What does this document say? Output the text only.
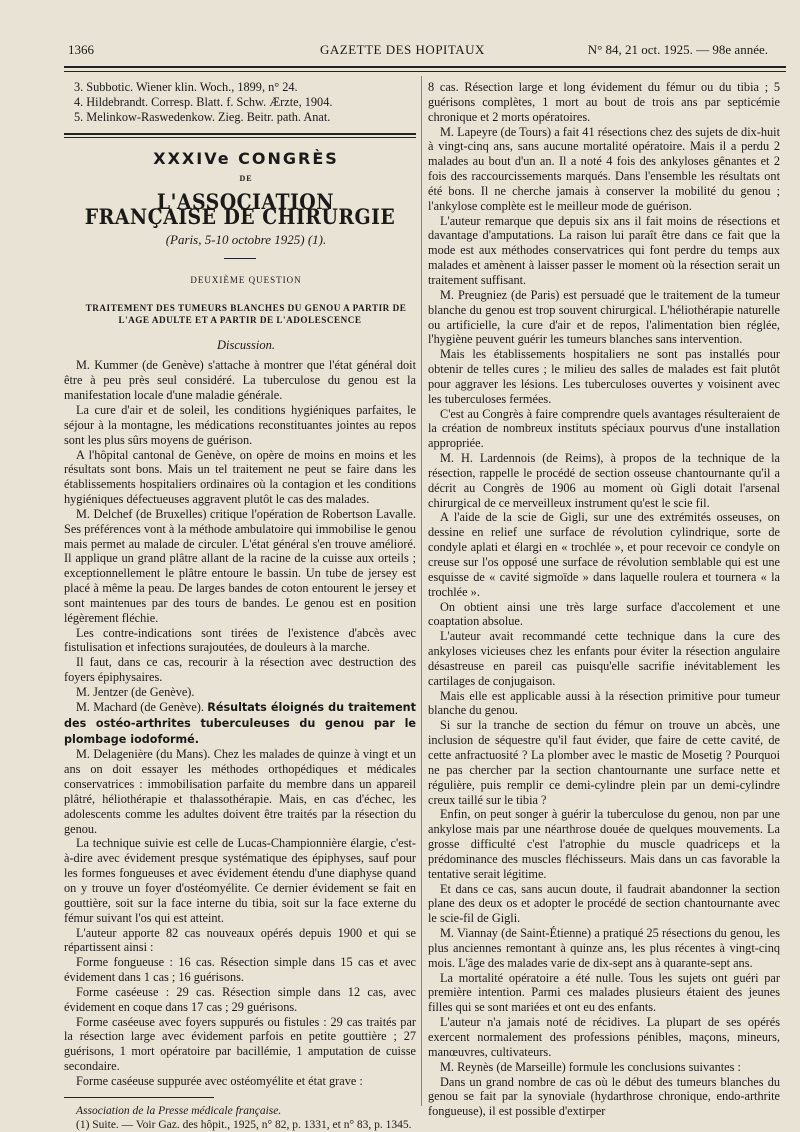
1366	GAZETTE DES HOPITAUX	N° 84, 21 oct. 1925. — 98e année.

3. Subbotic. Wiener klin. Woch., 1899, n° 24.

4. Hildebrandt. Corresp. Blatt. f. Schw. Ærzte, 1904.

5. Melinkow-Raswedenkow. Zieg. Beitr. path. Anat.

XXXIVe CONGRÈS

DE

L'ASSOCIATION FRANÇAISE DE CHIRURGIE

(Paris, 5-10 octobre 1925) (1).

DEUXIÈME QUESTION

TRAITEMENT DES TUMEURS BLANCHES DU GENOU A PARTIR DE L'AGE ADULTE ET A PARTIR DE L'ADOLESCENCE

Discussion.

M. Kummer (de Genève) s'attache à montrer que l'état général doit être à peu près seul considéré. La tuberculose du genou est la manifestation locale d'une maladie générale.

La cure d'air et de soleil, les conditions hygiéniques parfaites, le séjour à la montagne, les médications reconstituantes jointes au repos sont les plus sûrs moyens de guérison.

A l'hôpital cantonal de Genève, on opère de moins en moins et les résultats sont bons. Mais un tel traitement ne peut se faire dans les établissements hospitaliers ordinaires où la contagion et les conditions hygiéniques défectueuses aggravent plutôt le cas des malades.

M. Delchef (de Bruxelles) critique l'opération de Robertson Lavalle. Ses préférences vont à la méthode ambulatoire qui immobilise le genou mais permet au malade de circuler. L'état général s'en trouve amélioré. Il applique un grand plâtre allant de la racine de la cuisse aux orteils ; exceptionnellement le plâtre entoure le bassin. Un tube de jersey est placé à même la peau. De larges bandes de coton entourent le jersey et sont maintenues par des tours de bandes. Le genou est en position légèrement fléchie.

Les contre-indications sont tirées de l'existence d'abcès avec fistulisation et infections surajoutées, de douleurs à la marche.

Il faut, dans ce cas, recourir à la résection avec destruction des foyers épiphysaires.

M. Jentzer (de Genève).

M. Machard (de Genève). Résultats éloignés du traitement des ostéo-arthrites tuberculeuses du genou par le plombage iodoformé.

M. Delagenière (du Mans). Chez les malades de quinze à vingt et un ans on doit essayer les méthodes orthopédiques et médicales conservatrices : immobilisation parfaite du membre dans un appareil plâtré, héliothérapie et thalassothérapie. Mais, en cas d'échec, les adolescents comme les adultes doivent être traités par la résection du genou.

La technique suivie est celle de Lucas-Championnière élargie, c'est-à-dire avec évidement presque systématique des épiphyses, sauf pour les formes fongueuses et avec évidement étendu d'une diaphyse quand on y trouve un foyer d'ostéomyélite. Ce dernier évidement se fait en gouttière, soit sur la face interne du tibia, soit sur la face externe du fémur suivant l'os qui est atteint.

L'auteur apporte 82 cas nouveaux opérés depuis 1900 et qui se répartissent ainsi :

Forme fongueuse : 16 cas. Résection simple dans 15 cas et avec évidement dans 1 cas ; 16 guérisons.

Forme caséeuse : 29 cas. Résection simple dans 12 cas, avec évidement en coque dans 17 cas ; 29 guérisons.

Forme caséeuse avec foyers suppurés ou fistules : 29 cas traités par la résection large avec évidement parfois en petite gouttière ; 27 guérisons, 1 mort opératoire par bacillémie, 1 amputation de cuisse secondaire.

Forme caséeuse suppurée avec ostéomyélite et état grave :

Association de la Presse médicale française.

(1) Suite. — Voir Gaz. des hôpit., 1925, n° 82, p. 1331, et n° 83, p. 1345.

8 cas. Résection large et long évidement du fémur ou du tibia ; 5 guérisons complètes, 1 mort au bout de trois ans par septicémie chronique et 2 morts opératoires.

M. Lapeyre (de Tours) a fait 41 résections chez des sujets de dix-huit à vingt-cinq ans, sans aucune mortalité opératoire. Mais il a perdu 2 malades au bout d'un an. Il a noté 4 fois des ankyloses gênantes et 2 fois des raccourcissements marqués. Dans l'ensemble les résultats ont été bons. Il ne cherche jamais à conserver la mobilité du genou ; l'ankylose complète est le meilleur mode de guérison.

L'auteur remarque que depuis six ans il fait moins de résections et davantage d'amputations. La raison lui paraît être dans ce fait que la mode est aux méthodes conservatrices qui font perdre du temps aux malades et amènent à laisser passer le moment où la résection serait un traitement suffisant.

M. Preugniez (de Paris) est persuadé que le traitement de la tumeur blanche du genou est trop souvent chirurgical. L'héliothérapie naturelle ou artificielle, la cure d'air et de repos, l'alimentation bien réglée, l'hygiène peuvent guérir les tumeurs blanches sans intervention.

Mais les établissements hospitaliers ne sont pas installés pour obtenir de telles cures ; le milieu des salles de malades est fait plutôt pour aggraver les lésions. Les tuberculoses ouvertes y voisinent avec les tuberculoses fermées.

C'est au Congrès à faire comprendre quels avantages résulteraient de la création de nombreux instituts spéciaux pourvus d'une installation appropriée.

M. H. Lardennois (de Reims), à propos de la technique de la résection, rappelle le procédé de section osseuse chantournante qu'il a décrit au Congrès de 1906 au moment où Gigli dotait l'arsenal chirurgical de ce merveilleux instrument qu'est le scie fil.

A l'aide de la scie de Gigli, sur une des extrémités osseuses, on dessine en relief une surface de révolution cylindrique, sorte de condyle aplati et élargi en « trochlée », et pour recevoir ce condyle on creuse sur l'os opposé une surface de révolution semblable qui est une esquisse de « cavité sigmoïde » dans laquelle roulera et tournera « la trochlée ».

On obtient ainsi une très large surface d'accolement et une coaptation absolue.

L'auteur avait recommandé cette technique dans la cure des ankyloses vicieuses chez les enfants pour éviter la résection angulaire désastreuse en pareil cas puisqu'elle sacrifie inévitablement les cartilages de conjugaison.

Mais elle est applicable aussi à la résection primitive pour tumeur blanche du genou.

Si sur la tranche de section du fémur on trouve un abcès, une inclusion de séquestre qu'il faut évider, que faire de cette cavité, de cette anfractuosité ? La plomber avec le mastic de Mosetig ? Pourquoi ne pas chercher par la section chantournante une surface nette et régulière, puis remplir ce demi-cylindre plein par un demi-cylindre creux taillé sur le tibia ?

Enfin, on peut songer à guérir la tuberculose du genou, non par une ankylose mais par une néarthrose douée de quelques mouvements. La grosse difficulté c'est l'atrophie du muscle quadriceps et la prédominance des muscles fléchisseurs. Mais dans un cas favorable la tentative serait légitime.

Et dans ce cas, sans aucun doute, il faudrait abandonner la section plane des deux os et adopter le procédé de section chantournante avec le scie-fil de Gigli.

M. Viannay (de Saint-Étienne) a pratiqué 25 résections du genou, les plus anciennes remontant à quinze ans, les plus récentes à vingt-cinq mois. L'âge des malades varie de dix-sept ans à quarante-sept ans.

La mortalité opératoire a été nulle. Tous les sujets ont guéri par première intention. Parmi ces malades plusieurs étaient des jeunes filles qui se sont mariées et ont eu des enfants.

L'auteur n'a jamais noté de récidives. La plupart de ses opérés exercent normalement des professions pénibles, maçons, mineurs, manœuvres, cultivateurs.

M. Reynès (de Marseille) formule les conclusions suivantes :

Dans un grand nombre de cas où le début des tumeurs blanches du genou se fait par la synoviale (hydarthrose chronique, endo-arthrite fongueuse), il est possible d'extirper
